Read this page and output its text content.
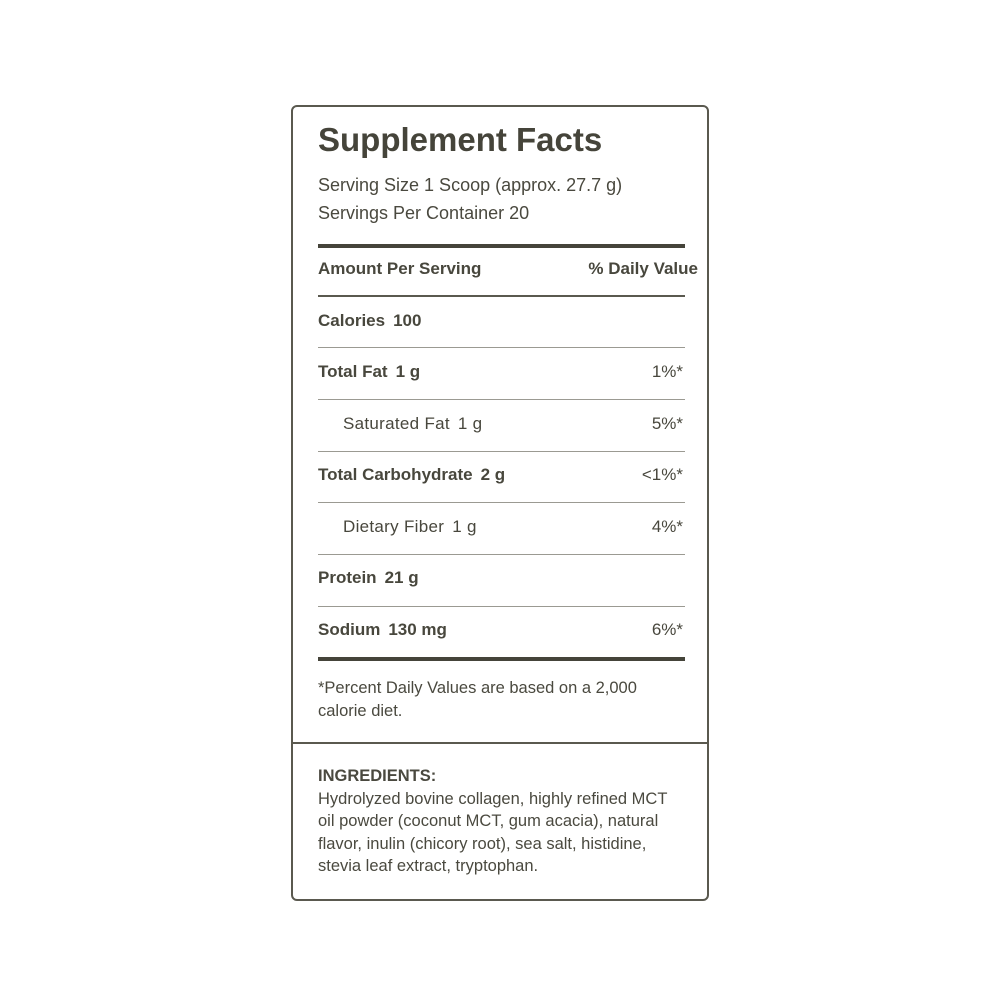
Supplement Facts
Serving Size 1 Scoop (approx. 27.7 g)
Servings Per Container 20
Amount Per Serving	% Daily Value
Calories 100
Total Fat 1 g	1%*
Saturated Fat 1 g	5%*
Total Carbohydrate 2 g	<1%*
Dietary Fiber 1 g	4%*
Protein 21 g
Sodium 130 mg	6%*
*Percent Daily Values are based on a 2,000 calorie diet.
INGREDIENTS:
Hydrolyzed bovine collagen, highly refined MCT oil powder (coconut MCT, gum acacia), natural flavor, inulin (chicory root), sea salt, histidine, stevia leaf extract, tryptophan.
